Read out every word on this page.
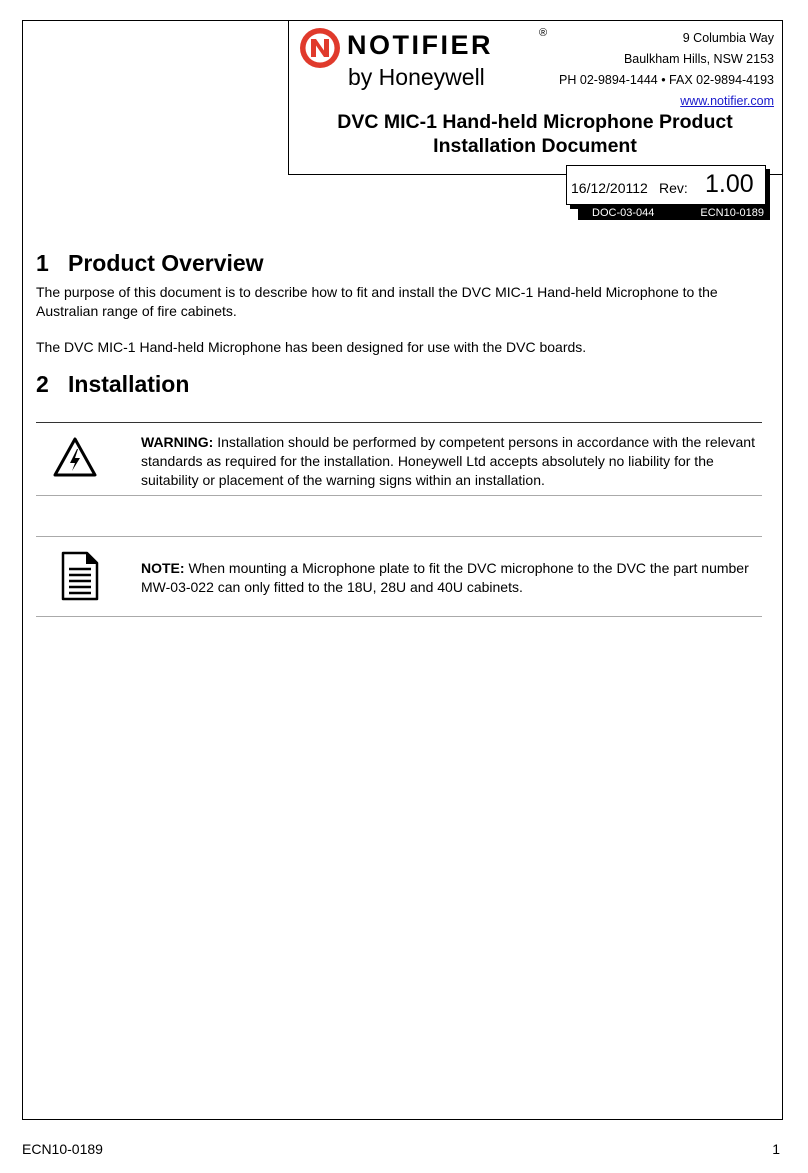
NOTIFIER	®
by Honeywell
9 Columbia Way
Baulkham Hills, NSW 2153
PH 02-9894-1444 • FAX 02-9894-4193
www.notifier.com
DVC MIC-1 Hand-held Microphone Product
Installation Document
16/12/20112 Rev: 1.00
DOC-03-044	ECN10-0189
1 Product Overview
The purpose of this document is to describe how to fit and install the DVC MIC-1 Hand-held Microphone to the Australian range of fire cabinets.
The DVC MIC-1 Hand-held Microphone has been designed for use with the DVC boards.
2 Installation
WARNING: Installation should be performed by competent persons in accordance with the relevant standards as required for the installation. Honeywell Ltd accepts absolutely no liability for the suitability or placement of the warning signs within an installation.
NOTE: When mounting a Microphone plate to fit the DVC microphone to the DVC the part number MW-03-022 can only fitted to the 18U, 28U and 40U cabinets.
ECN10-0189	1
